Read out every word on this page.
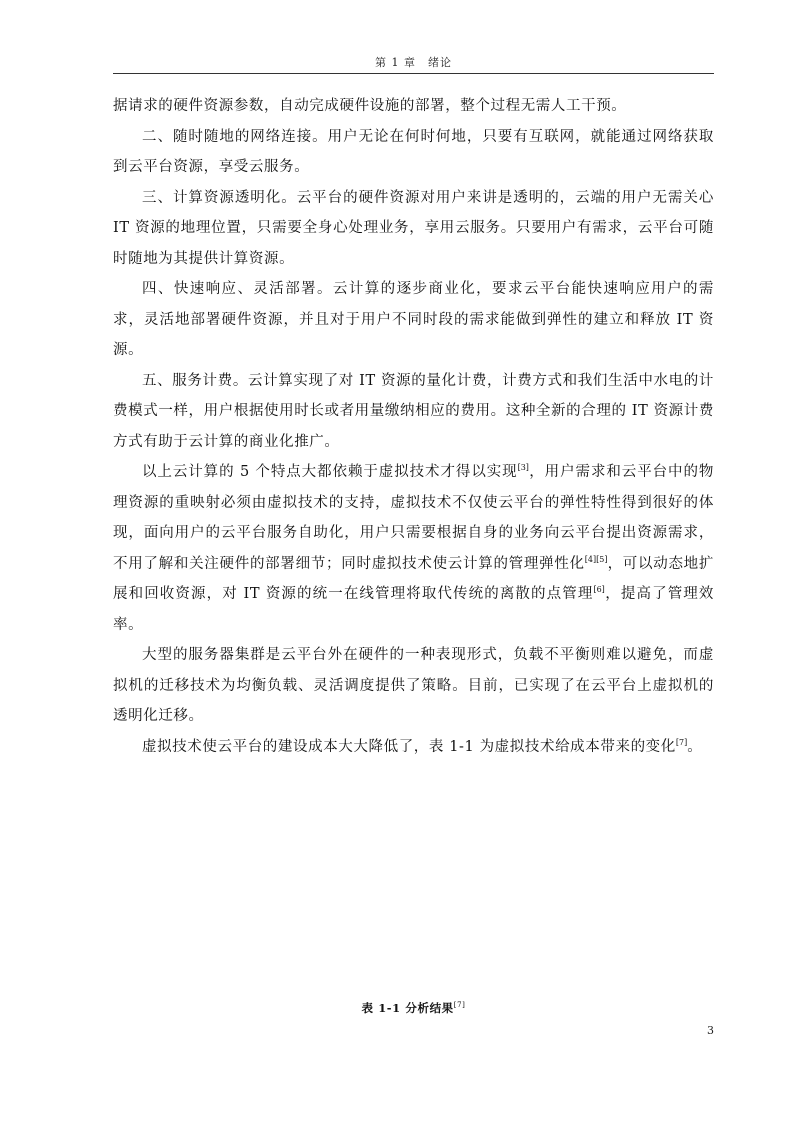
第 1 章 绪论

据请求的硬件资源参数，自动完成硬件设施的部署，整个过程无需人工干预。

二、随时随地的网络连接。用户无论在何时何地，只要有互联网，就能通过网络获取到云平台资源，享受云服务。

三、计算资源透明化。云平台的硬件资源对用户来讲是透明的，云端的用户无需关心 IT 资源的地理位置，只需要全身心处理业务，享用云服务。只要用户有需求，云平台可随时随地为其提供计算资源。

四、快速响应、灵活部署。云计算的逐步商业化，要求云平台能快速响应用户的需求，灵活地部署硬件资源，并且对于用户不同时段的需求能做到弹性的建立和释放 IT 资源。

五、服务计费。云计算实现了对 IT 资源的量化计费，计费方式和我们生活中水电的计费模式一样，用户根据使用时长或者用量缴纳相应的费用。这种全新的合理的 IT 资源计费方式有助于云计算的商业化推广。

以上云计算的 5 个特点大都依赖于虚拟技术才得以实现[3]，用户需求和云平台中的物理资源的重映射必须由虚拟技术的支持，虚拟技术不仅使云平台的弹性特性得到很好的体现，面向用户的云平台服务自助化，用户只需要根据自身的业务向云平台提出资源需求，不用了解和关注硬件的部署细节；同时虚拟技术使云计算的管理弹性化[4][5]，可以动态地扩展和回收资源，对 IT 资源的统一在线管理将取代传统的离散的点管理[6]，提高了管理效率。

大型的服务器集群是云平台外在硬件的一种表现形式，负载不平衡则难以避免，而虚拟机的迁移技术为均衡负载、灵活调度提供了策略。目前，已实现了在云平台上虚拟机的透明化迁移。

虚拟技术使云平台的建设成本大大降低了，表 1-1 为虚拟技术给成本带来的变化[7]。

表 1-1 分析结果[7]
3
